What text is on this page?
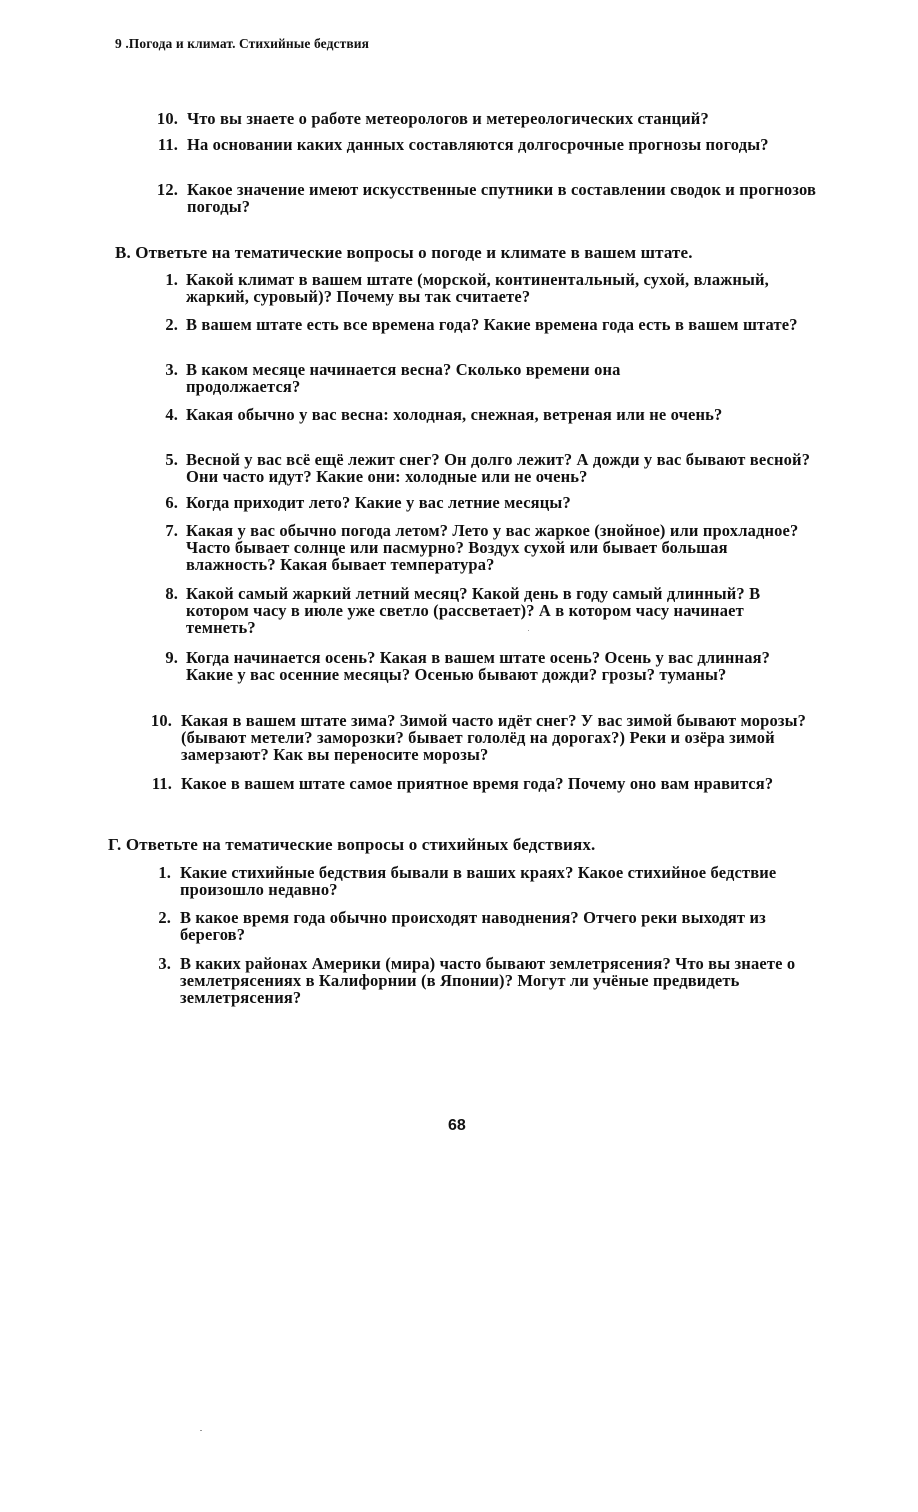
9 .Погода и климат. Стихийные бедствия
10. Что вы знаете о работе метеорологов и метереологических станций?
11. На основании каких данных составляются долгосрочные прогнозы погоды?
12. Какое значение имеют искусственные спутники в составлении сводок и прогнозов погоды?
В. Ответьте на тематические вопросы о погоде и климате в вашем штате.
1. Какой климат в вашем штате (морской, континентальный, сухой, влажный, жаркий, суровый)? Почему вы так считаете?
2. В вашем штате есть все времена года? Какие времена года есть в вашем штате?
3. В каком месяце начинается весна? Сколько времени она продолжается?
4. Какая обычно у вас весна: холодная, снежная, ветреная или не очень?
5. Весной у вас всё ещё лежит снег? Он долго лежит? А дожди у вас бывают весной? Они часто идут? Какие они: холодные или не очень?
6. Когда приходит лето? Какие у вас летние месяцы?
7. Какая у вас обычно погода летом? Лето у вас жаркое (знойное) или прохладное? Часто бывает солнце или пасмурно? Воздух сухой или бывает большая влажность? Какая бывает температура?
8. Какой самый жаркий летний месяц? Какой день в году самый длинный? В котором часу в июле уже светло (рассветает)? А в котором часу начинает темнеть?
9. Когда начинается осень? Какая в вашем штате осень? Осень у вас длинная? Какие у вас осенние месяцы? Осенью бывают дожди? грозы? туманы?
10. Какая в вашем штате зима? Зимой часто идёт снег? У вас зимой бывают морозы? (бывают метели? заморозки? бывает гололёд на дорогах?) Реки и озёра зимой замерзают? Как вы переносите морозы?
11. Какое в вашем штате самое приятное время года? Почему оно вам нравится?
Г. Ответьте на тематические вопросы о стихийных бедствиях.
1. Какие стихийные бедствия бывали в ваших краях? Какое стихийное бедствие произошло недавно?
2. В какое время года обычно происходят наводнения? Отчего реки выходят из берегов?
3. В каких районах Америки (мира) часто бывают землетрясения? Что вы знаете о землетрясениях в Калифорнии (в Японии)? Могут ли учёные предвидеть землетрясения?
68
